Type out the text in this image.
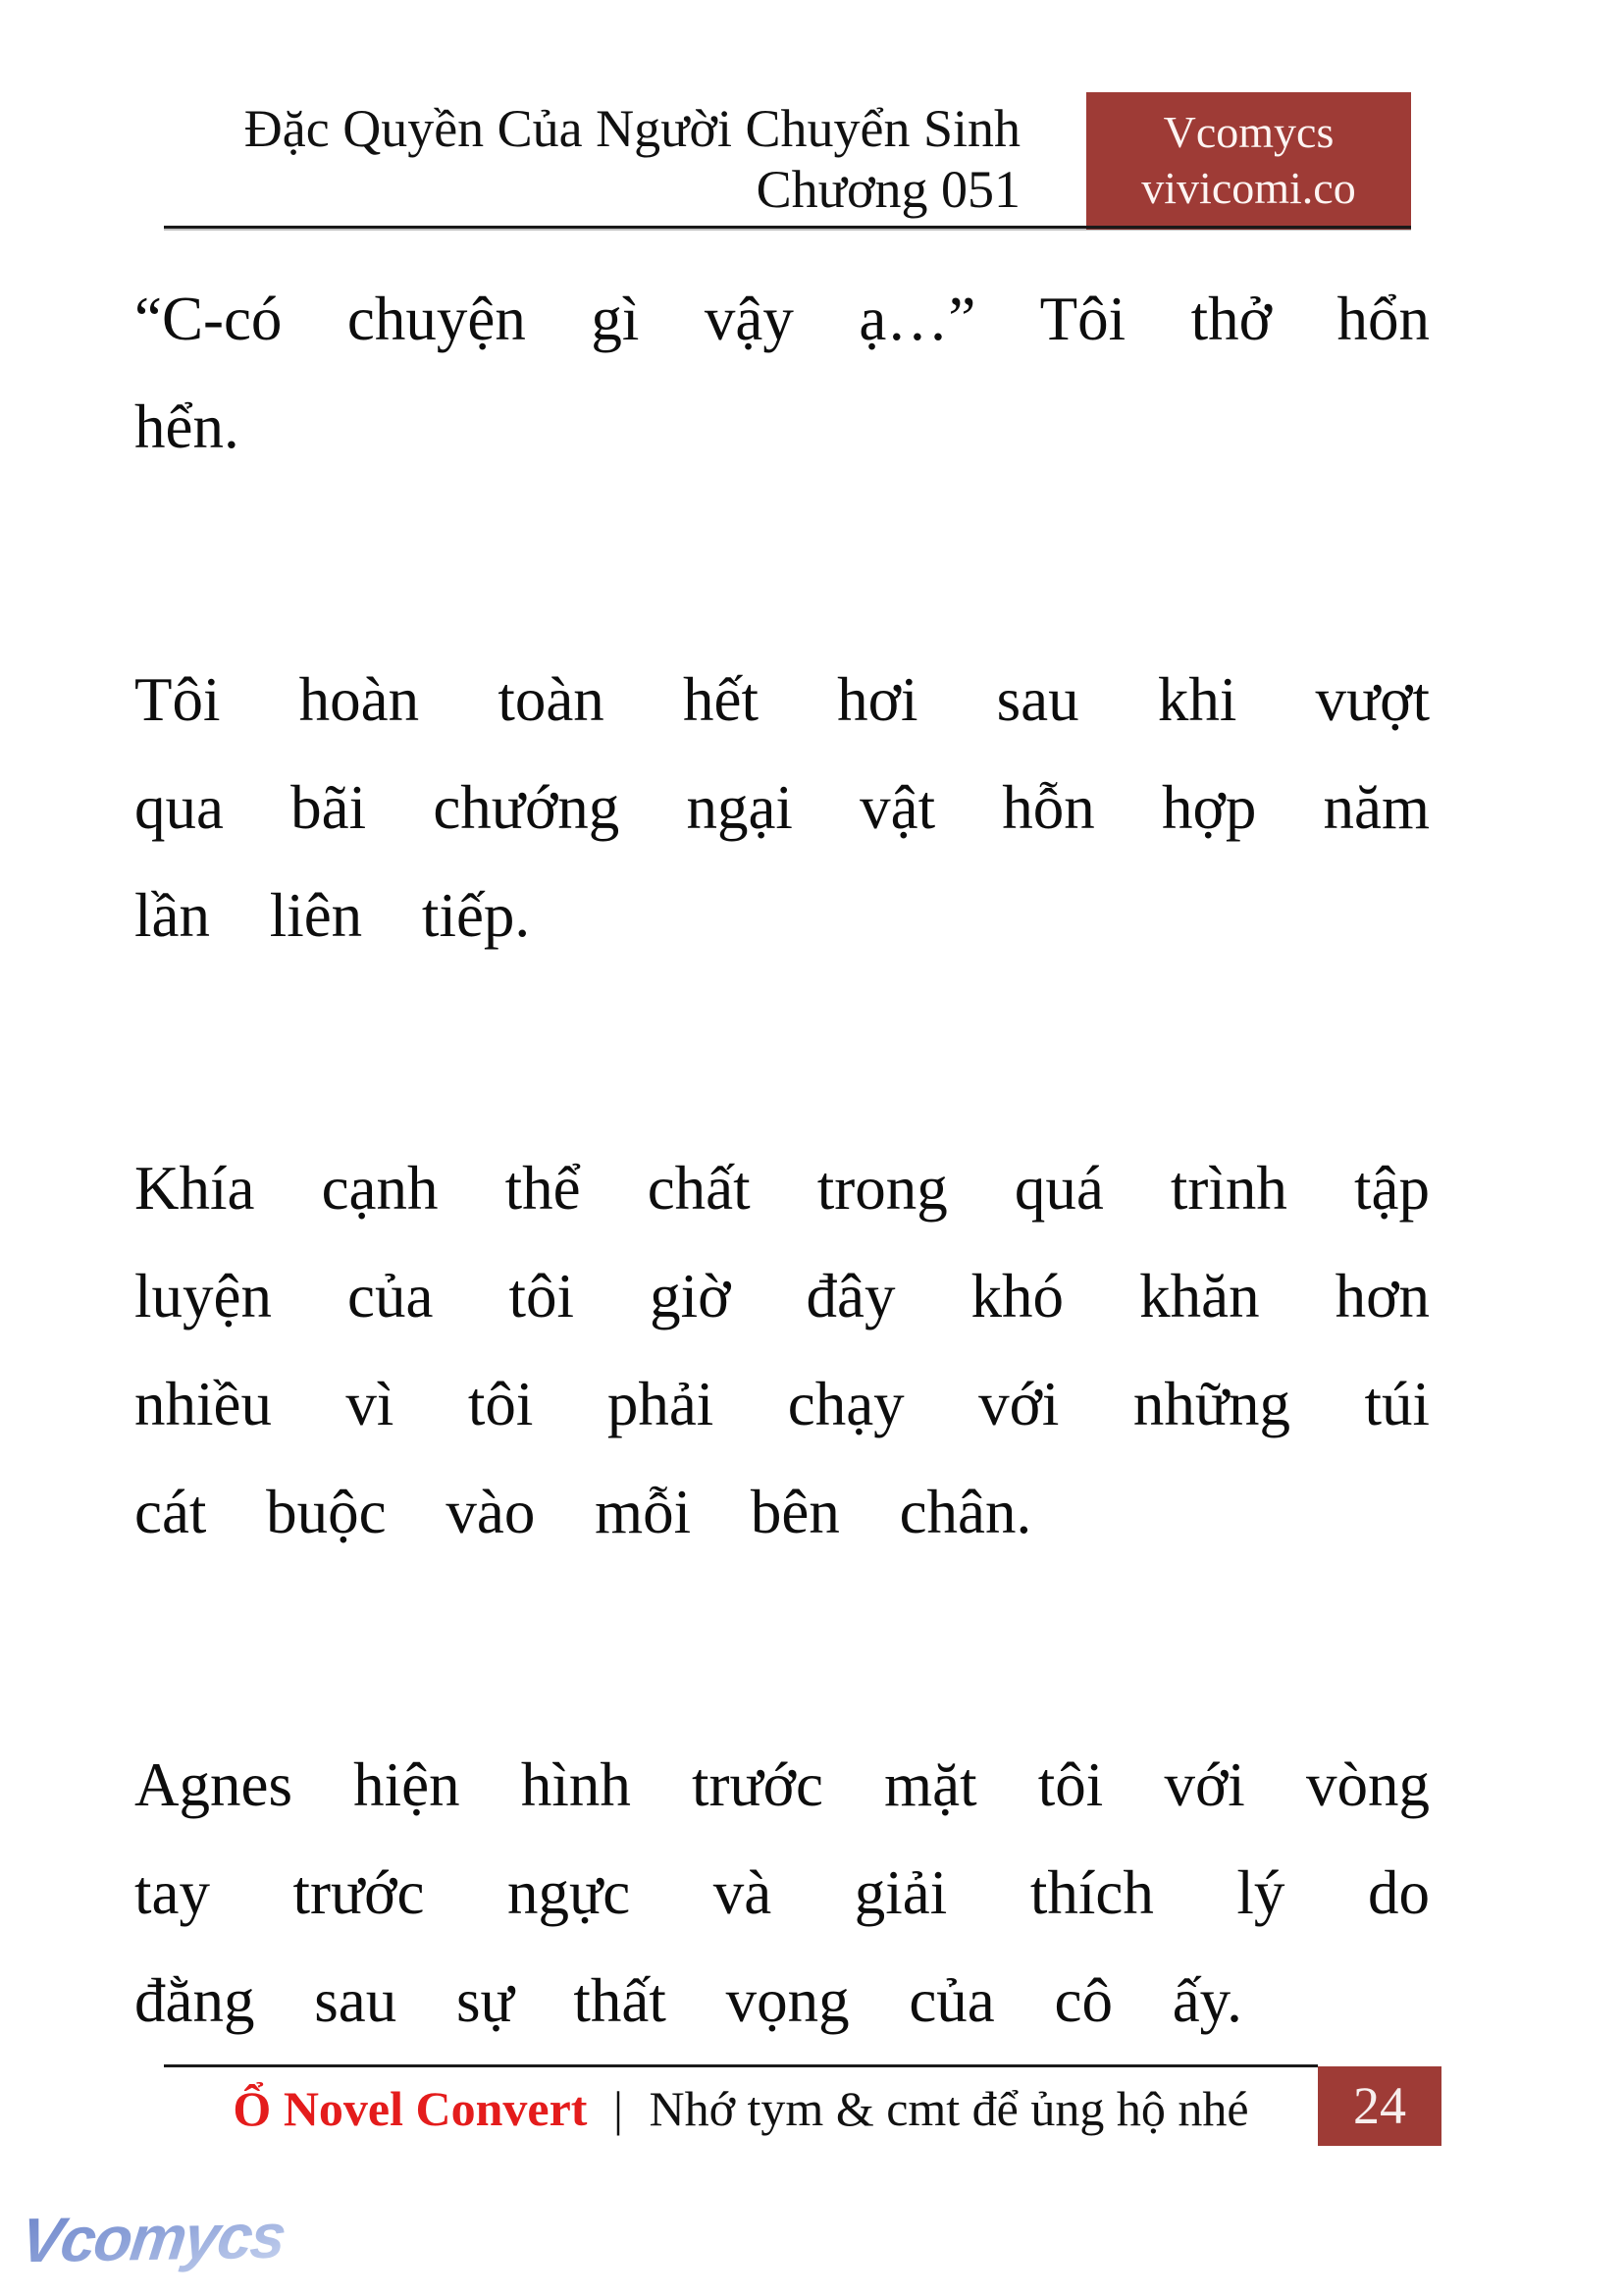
Đặc Quyền Của Người Chuyển Sinh
Chương 051
Vcomycs
vivicomi.co

“C-có chuyện gì vậy ạ…” Tôi thở hổn hển.

Tôi hoàn toàn hết hơi sau khi vượt qua bãi chướng ngại vật hỗn hợp năm lần liên tiếp.

Khía cạnh thể chất trong quá trình tập luyện của tôi giờ đây khó khăn hơn nhiều vì tôi phải chạy với những túi cát buộc vào mỗi bên chân.

Agnes hiện hình trước mặt tôi với vòng tay trước ngực và giải thích lý do đằng sau sự thất vọng của cô ấy.

Ổ Novel Convert | Nhớ tym & cmt để ủng hộ nhé	24
Vcomycs
